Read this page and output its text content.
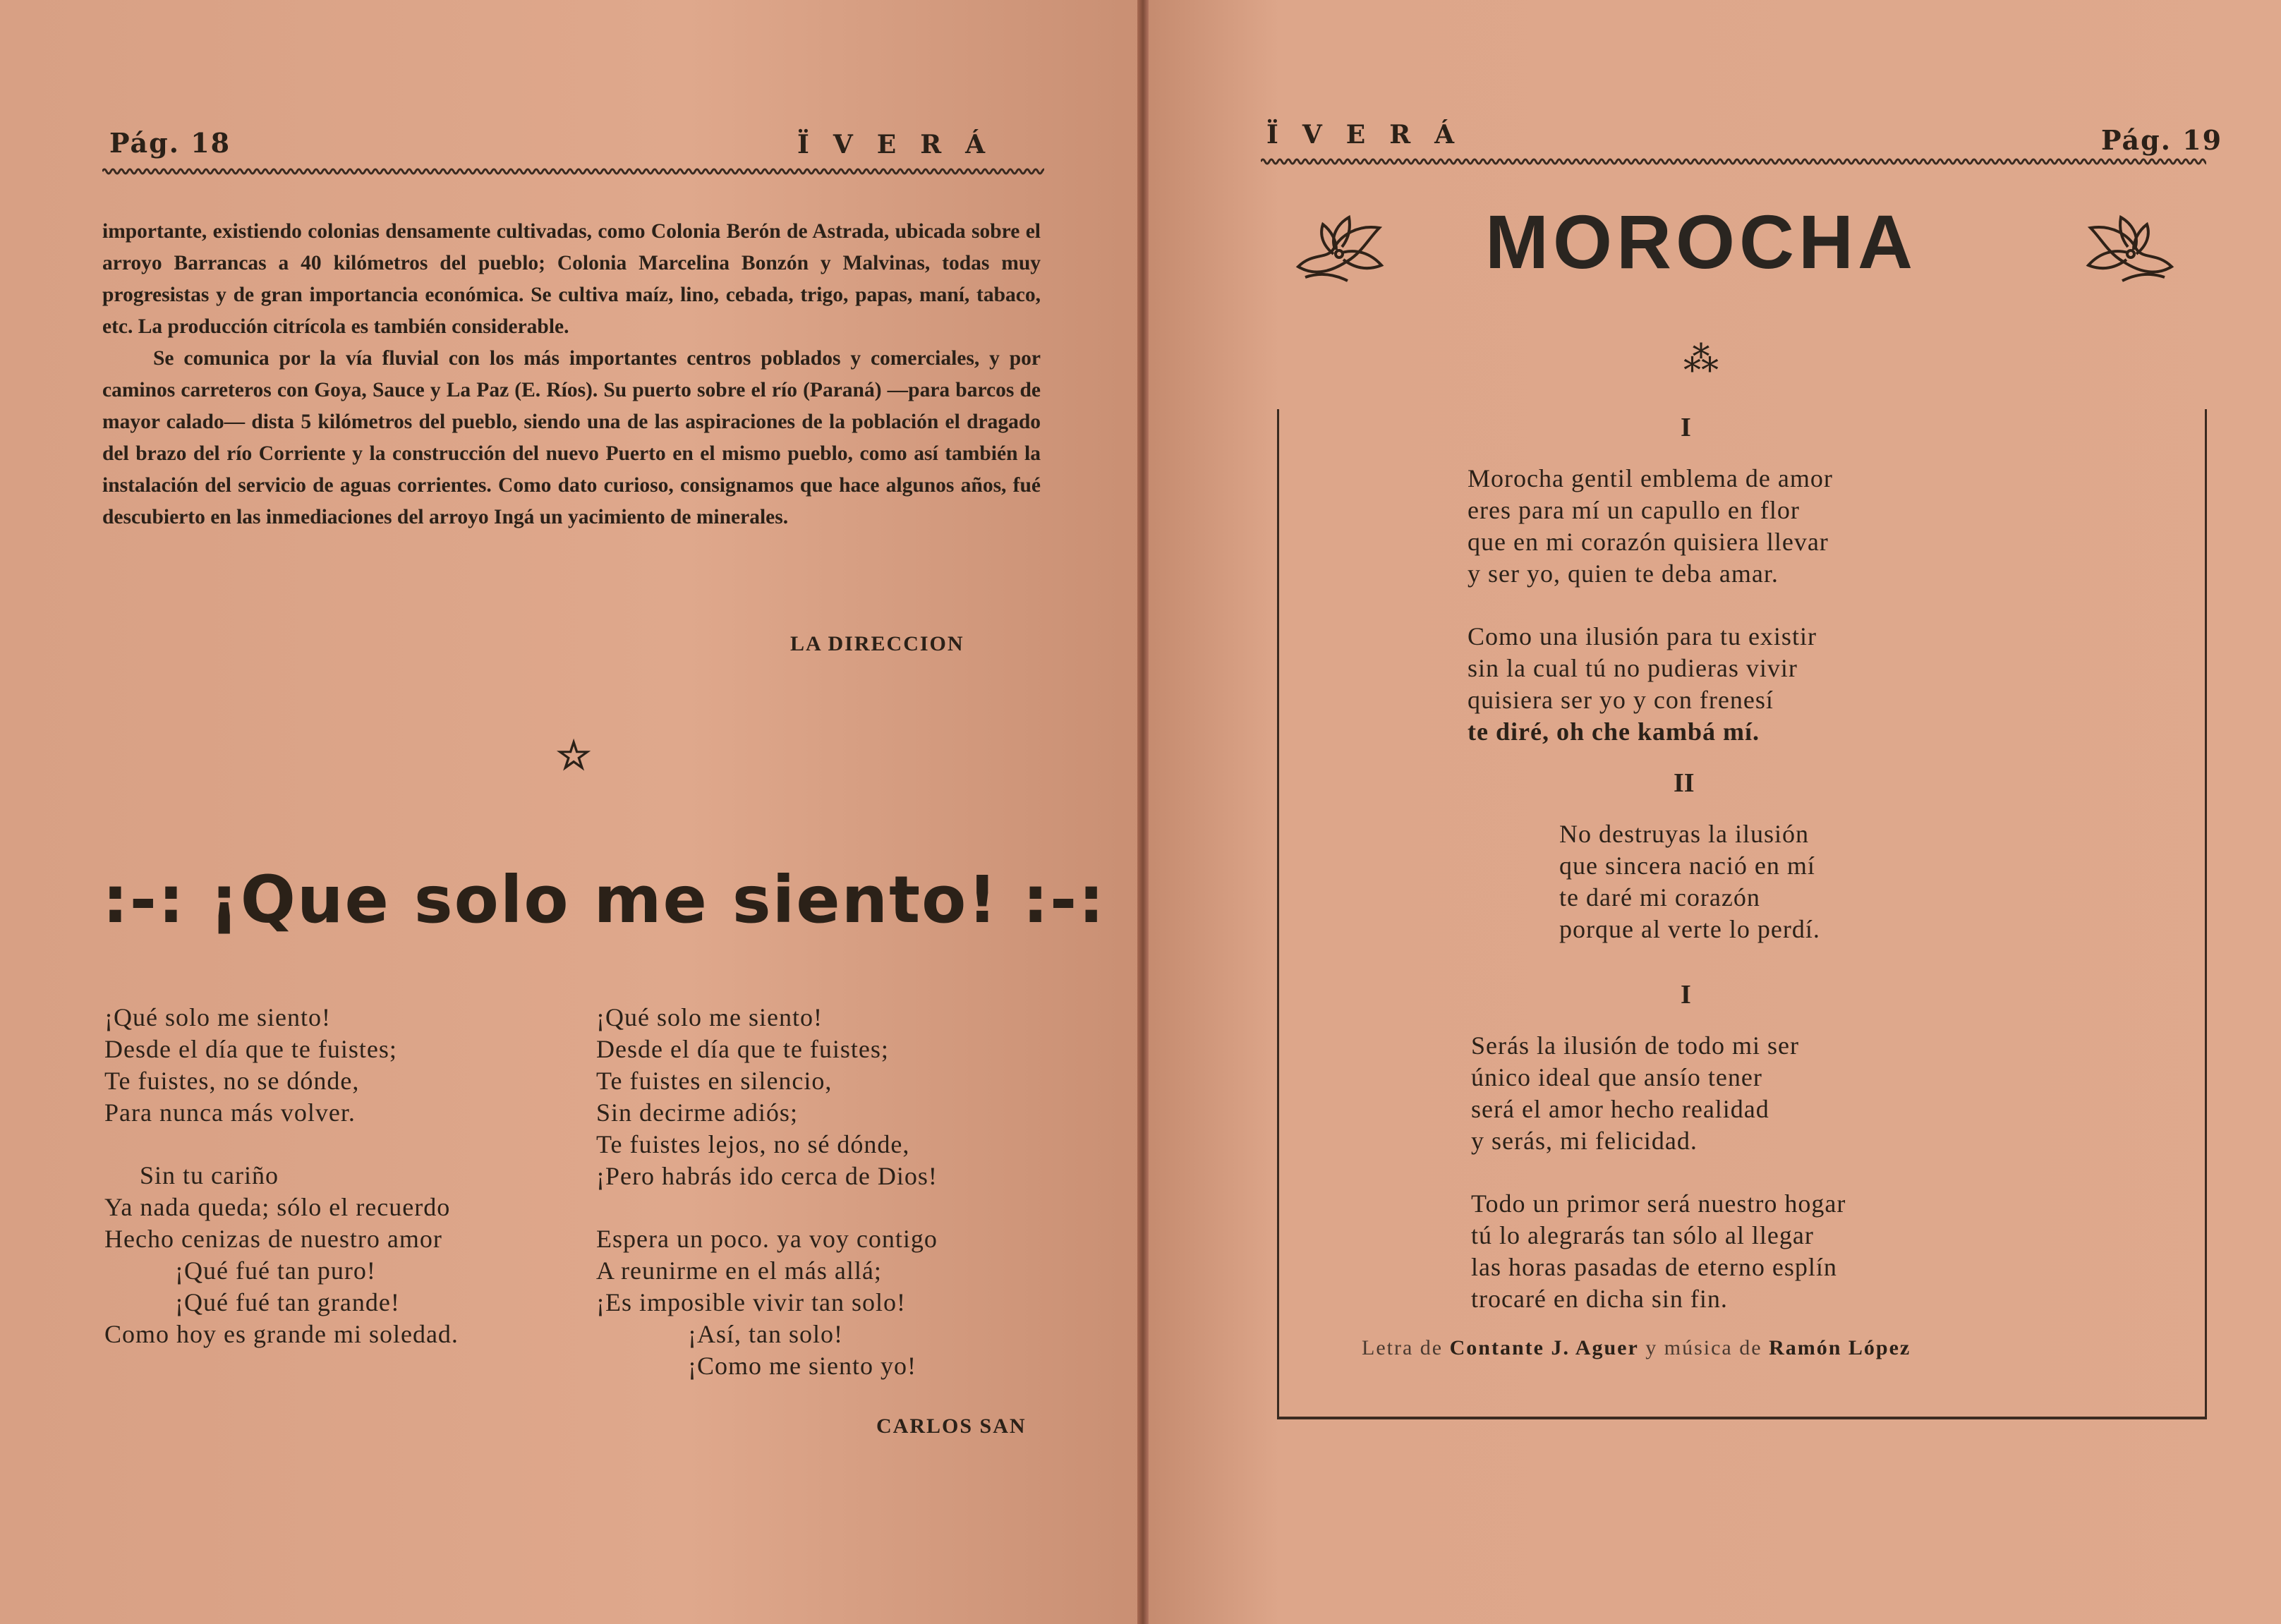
Pág. 18	ÏVERÁ

importante, existiendo colonias densamente cultivadas, como Colonia Berón de Astrada, ubicada sobre el arroyo Barrancas a 40 kilómetros del pueblo; Colonia Marcelina Bonzón y Malvinas, todas muy progresistas y de gran importancia económica. Se cultiva maíz, lino, cebada, trigo, papas, maní, tabaco, etc. La producción citrícola es también considerable.

Se comunica por la vía fluvial con los más importantes centros poblados y comerciales, y por caminos carreteros con Goya, Sauce y La Paz (E. Ríos). Su puerto sobre el río (Paraná) —para barcos de mayor calado— dista 5 kilómetros del pueblo, siendo una de las aspiraciones de la población el dragado del brazo del río Corriente y la construcción del nuevo Puerto en el mismo pueblo, como así también la instalación del servicio de aguas corrientes. Como dato curioso, consignamos que hace algunos años, fué descubierto en las inmediaciones del arroyo Ingá un yacimiento de minerales.

LA DIRECCION
☆
:-: ¡Que solo me siento! :-:
¡Qué solo me siento!
Desde el día que te fuistes;
Te fuistes, no se dónde,
Para nunca más volver.
Sin tu cariño
Ya nada queda; sólo el recuerdo
Hecho cenizas de nuestro amor
¡Qué fué tan puro!
¡Qué fué tan grande!
Como hoy es grande mi soledad.
¡Qué solo me siento!
Desde el día que te fuistes;
Te fuistes en silencio,
Sin decirme adiós;
Te fuistes lejos, no sé dónde,
¡Pero habrás ido cerca de Dios!
Espera un poco. ya voy contigo
A reunirme en el más allá;
¡Es imposible vivir tan solo!
¡Así, tan solo!
¡Como me siento yo!
CARLOS SAN
ÏVERÁ	Pág. 19
MOROCHA
⁂
I
Morocha gentil emblema de amor
eres para mí un capullo en flor
que en mi corazón quisiera llevar
y ser yo, quien te deba amar.
Como una ilusión para tu existir
sin la cual tú no pudieras vivir
quisiera ser yo y con frenesí
te diré, oh che kambá mí.
II
No destruyas la ilusión
que sincera nació en mí
te daré mi corazón
porque al verte lo perdí.
I
Serás la ilusión de todo mi ser
único ideal que ansío tener
será el amor hecho realidad
y serás, mi felicidad.
Todo un primor será nuestro hogar
tú lo alegrarás tan sólo al llegar
las horas pasadas de eterno esplín
trocaré en dicha sin fin.
Letra de Contante J. Aguer y música de Ramón López
